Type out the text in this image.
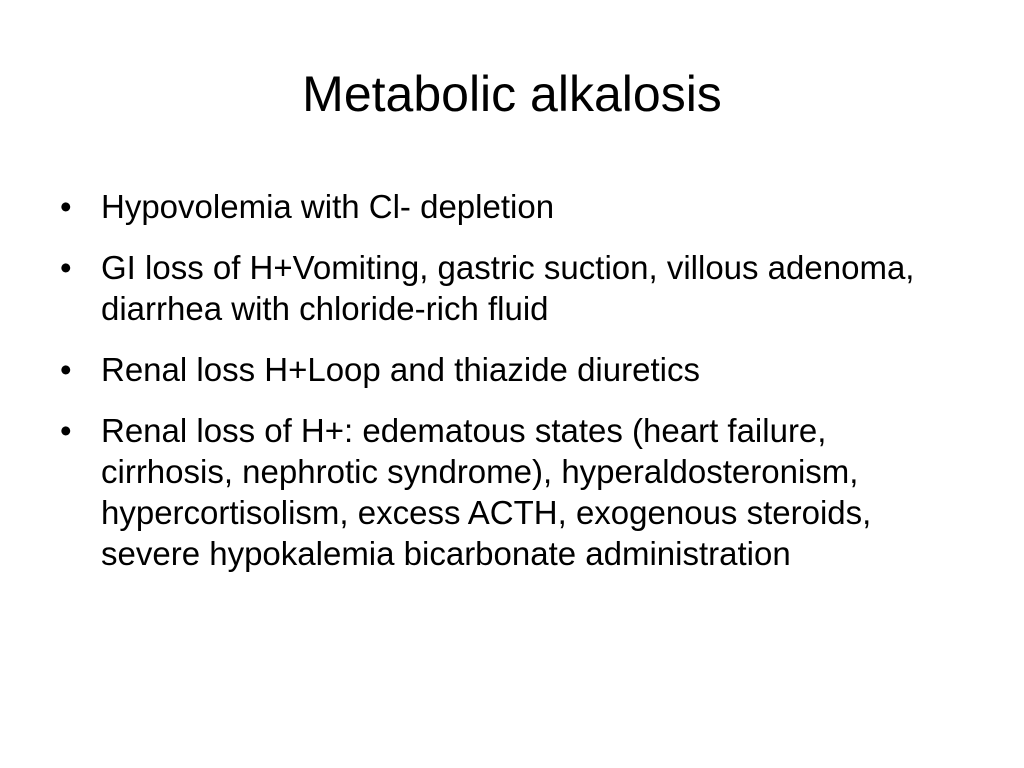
Metabolic alkalosis
• Hypovolemia with Cl- depletion
• GI loss of H+Vomiting, gastric suction, villous adenoma, diarrhea with chloride-rich fluid
• Renal loss H+Loop and thiazide diuretics
• Renal loss of H+: edematous states (heart failure, cirrhosis, nephrotic syndrome), hyperaldosteronism, hypercortisolism, excess ACTH, exogenous steroids, severe hypokalemia bicarbonate administration
